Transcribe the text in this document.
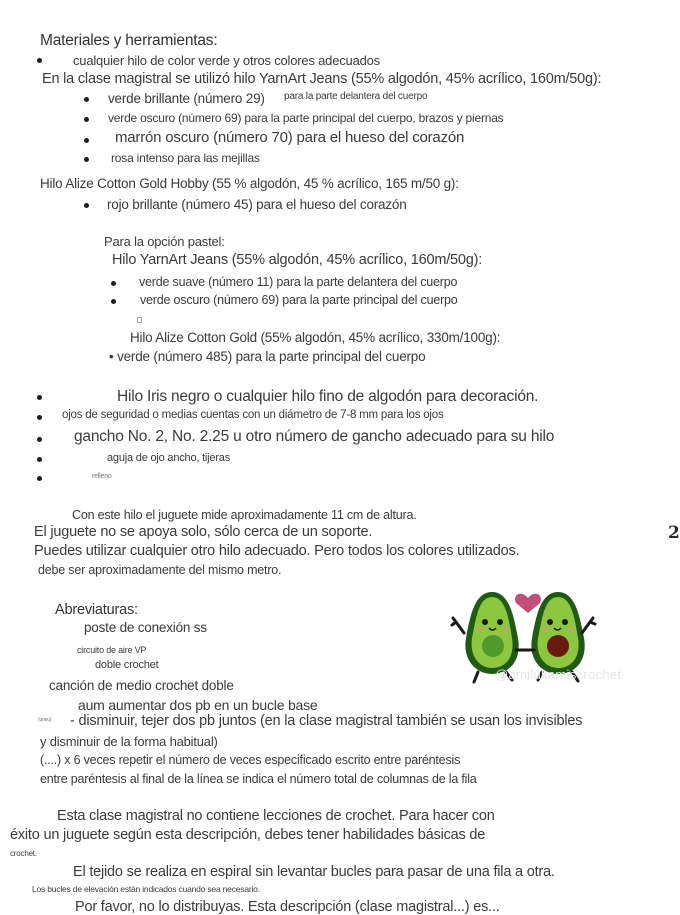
Materiales y herramientas:
cualquier hilo de color verde y otros colores adecuados
En la clase magistral se utilizó hilo YarnArt Jeans (55% algodón, 45% acrílico, 160m/50g):
verde brillante (número 29) para la parte delantera del cuerpo
verde oscuro (número 69) para la parte principal del cuerpo, brazos y piernas
marrón oscuro (número 70) para el hueso del corazón
rosa intenso para las mejillas
Hilo Alize Cotton Gold Hobby (55 % algodón, 45 % acrílico, 165 m/50 g):
rojo brillante (número 45) para el hueso del corazón
Para la opción pastel:
Hilo YarnArt Jeans (55% algodón, 45% acrílico, 160m/50g):
verde suave (número 11) para la parte delantera del cuerpo
verde oscuro (número 69) para la parte principal del cuerpo
Hilo Alize Cotton Gold (55% algodón, 45% acrílico, 330m/100g):
• verde (número 485) para la parte principal del cuerpo
Hilo Iris negro o cualquier hilo fino de algodón para decoración.
ojos de seguridad o medias cuentas con un diámetro de 7-8 mm para los ojos
gancho No. 2, No. 2.25 u otro número de gancho adecuado para su hilo
aguja de ojo ancho, tijeras
relleno
Con este hilo el juguete mide aproximadamente 11 cm de altura.
El juguete no se apoya solo, sólo cerca de un soporte.
Puedes utilizar cualquier otro hilo adecuado. Pero todos los colores utilizados.
debe ser aproximadamente del mismo metro.
2
Abreviaturas:
poste de conexión ss
circuito de aire VP
doble crochet
canción de medio crochet doble
aum aumentar dos pb en un bucle base
(uneu) - disminuir, tejer dos pb juntos (en la clase magistral también se usan los invisibles
y disminuir de la forma habitual)
(....) x 6 veces repetir el número de veces especificado escrito entre paréntesis
entre paréntesis al final de la línea se indica el número total de columnas de la fila
@amilukamiscrochet
Esta clase magistral no contiene lecciones de crochet. Para hacer con
éxito un juguete según esta descripción, debes tener habilidades básicas de
crochet.
El tejido se realiza en espiral sin levantar bucles para pasar de una fila a otra.
Los bucles de elevación están indicados cuando sea necesario.
Por favor, no lo distribuyas. Esta descripción (clase magistral...) es...
